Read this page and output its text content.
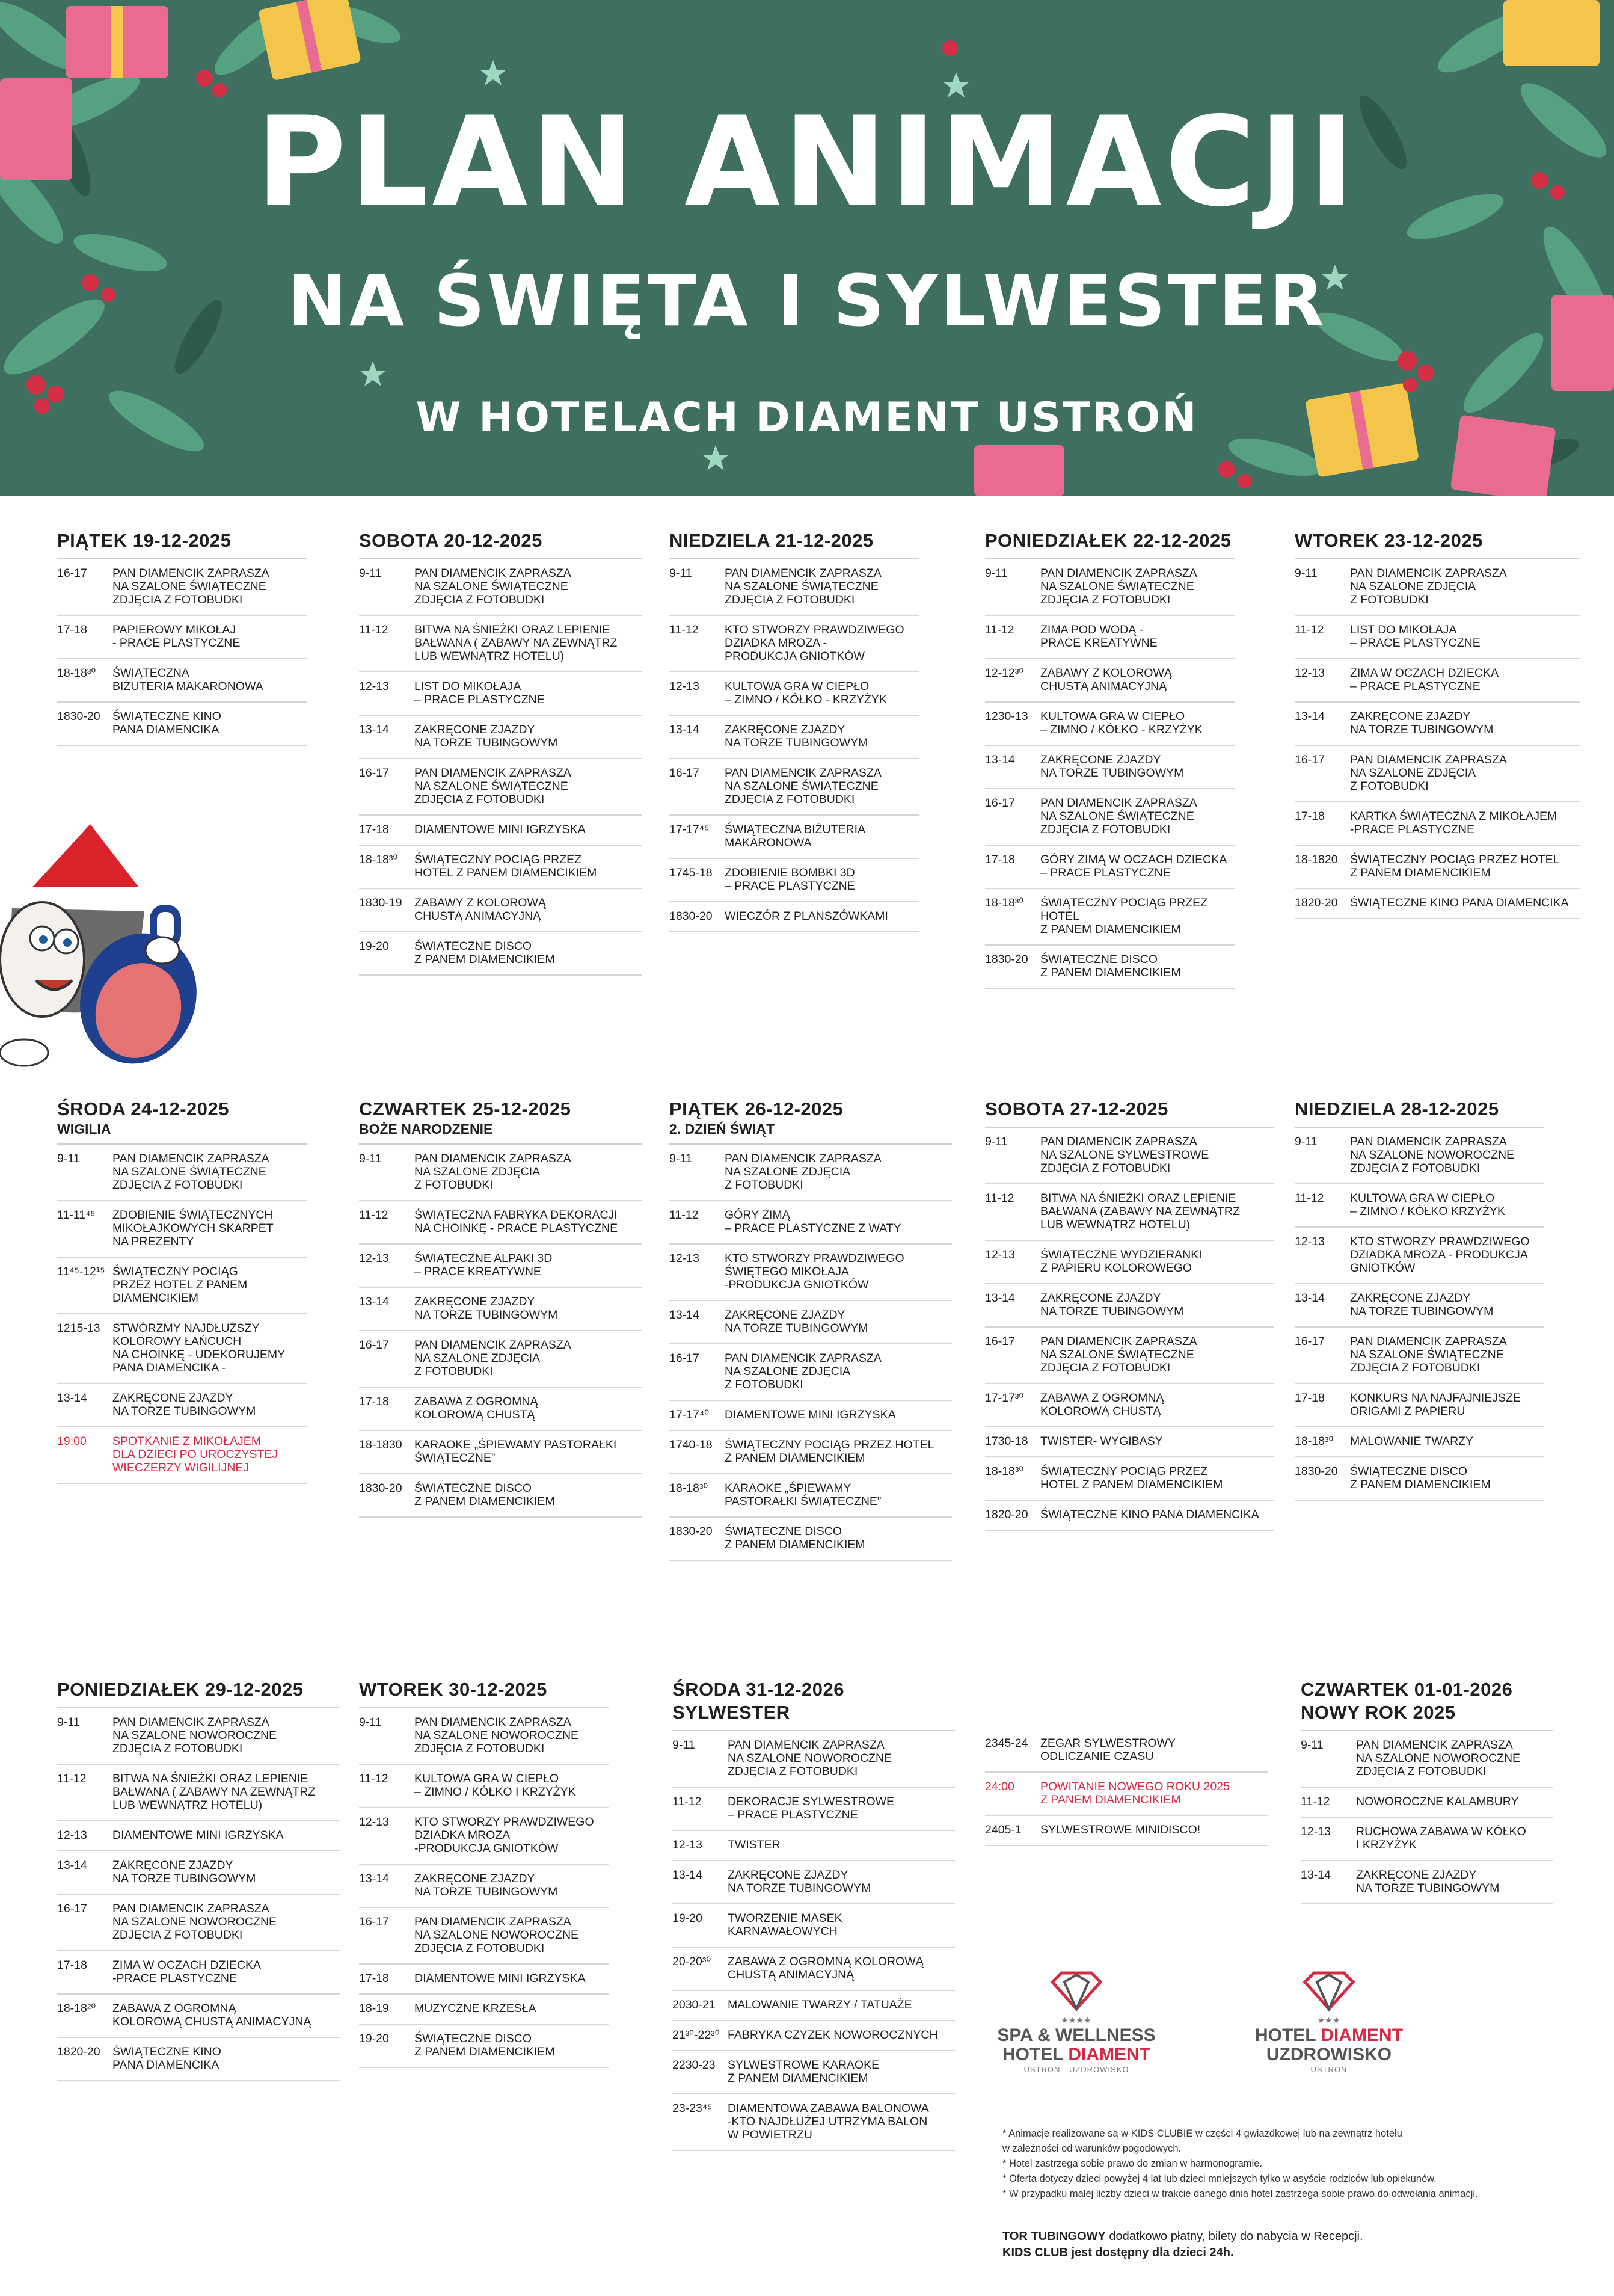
PLAN ANIMACJI
NA ŚWIĘTA I SYLWESTER
W HOTELACH DIAMENT USTROŃ
PIĄTEK 19-12-2025
16-17	PAN DIAMENCIK ZAPRASZA
NA SZALONE ŚWIĄTECZNE
ZDJĘCIA Z FOTOBUDKI
17-18	PAPIEROWY MIKOŁAJ
- PRACE PLASTYCZNE
18-18³⁰	ŚWIĄTECZNA
BIŻUTERIA MAKARONOWA
1830-20	ŚWIĄTECZNE KINO
PANA DIAMENCIKA
SOBOTA 20-12-2025
9-11	PAN DIAMENCIK ZAPRASZA
NA SZALONE ŚWIĄTECZNE
ZDJĘCIA Z FOTOBUDKI
11-12	BITWA NA ŚNIEŻKI ORAZ LEPIENIE
BAŁWANA ( ZABAWY NA ZEWNĄTRZ
LUB WEWNĄTRZ HOTELU)
12-13	LIST DO MIKOŁAJA
– PRACE PLASTYCZNE
13-14	ZAKRĘCONE ZJAZDY
NA TORZE TUBINGOWYM
16-17	PAN DIAMENCIK ZAPRASZA
NA SZALONE ŚWIĄTECZNE
ZDJĘCIA Z FOTOBUDKI
17-18	DIAMENTOWE MINI IGRZYSKA
18-18³⁰	ŚWIĄTECZNY POCIĄG PRZEZ
HOTEL Z PANEM DIAMENCIKIEM
1830-19	ZABAWY Z KOLOROWĄ
CHUSTĄ ANIMACYJNĄ
19-20	ŚWIĄTECZNE DISCO
Z PANEM DIAMENCIKIEM
NIEDZIELA 21-12-2025
9-11	PAN DIAMENCIK ZAPRASZA
NA SZALONE ŚWIĄTECZNE
ZDJĘCIA Z FOTOBUDKI
11-12	KTO STWORZY PRAWDZIWEGO
DZIADKA MROZA -
PRODUKCJA GNIOTKÓW
12-13	KULTOWA GRA W CIEPŁO
– ZIMNO / KÓŁKO - KRZYŻYK
13-14	ZAKRĘCONE ZJAZDY
NA TORZE TUBINGOWYM
16-17	PAN DIAMENCIK ZAPRASZA
NA SZALONE ŚWIĄTECZNE
ZDJĘCIA Z FOTOBUDKI
17-17⁴⁵	ŚWIĄTECZNA BIŻUTERIA
MAKARONOWA
1745-18	ZDOBIENIE BOMBKI 3D
– PRACE PLASTYCZNE
1830-20	WIECZÓR Z PLANSZÓWKAMI
PONIEDZIAŁEK 22-12-2025
9-11	PAN DIAMENCIK ZAPRASZA
NA SZALONE ŚWIĄTECZNE
ZDJĘCIA Z FOTOBUDKI
11-12	ZIMA POD WODĄ -
PRACE KREATYWNE
12-12³⁰	ZABAWY Z KOLOROWĄ
CHUSTĄ ANIMACYJNĄ
1230-13	KULTOWA GRA W CIEPŁO
– ZIMNO / KÓŁKO - KRZYŻYK
13-14	ZAKRĘCONE ZJAZDY
NA TORZE TUBINGOWYM
16-17	PAN DIAMENCIK ZAPRASZA
NA SZALONE ŚWIĄTECZNE
ZDJĘCIA Z FOTOBUDKI
17-18	GÓRY ZIMĄ W OCZACH DZIECKA
– PRACE PLASTYCZNE
18-18³⁰	ŚWIĄTECZNY POCIĄG PRZEZ HOTEL
Z PANEM DIAMENCIKIEM
1830-20	ŚWIĄTECZNE DISCO
Z PANEM DIAMENCIKIEM
WTOREK 23-12-2025
9-11	PAN DIAMENCIK ZAPRASZA
NA SZALONE ZDJĘCIA
Z FOTOBUDKI
11-12	LIST DO MIKOŁAJA
– PRACE PLASTYCZNE
12-13	ZIMA W OCZACH DZIECKA
– PRACE PLASTYCZNE
13-14	ZAKRĘCONE ZJAZDY
NA TORZE TUBINGOWYM
16-17	PAN DIAMENCIK ZAPRASZA
NA SZALONE ZDJĘCIA
Z FOTOBUDKI
17-18	KARTKA ŚWIĄTECZNA Z MIKOŁAJEM
-PRACE PLASTYCZNE
18-1820	ŚWIĄTECZNY POCIĄG PRZEZ HOTEL
Z PANEM DIAMENCIKIEM
1820-20	ŚWIĄTECZNE KINO PANA DIAMENCIKA
ŚRODA 24-12-2025
WIGILIA
9-11	PAN DIAMENCIK ZAPRASZA
NA SZALONE ŚWIĄTECZNE
ZDJĘCIA Z FOTOBUDKI
11-11⁴⁵	ZDOBIENIE ŚWIĄTECZNYCH
MIKOŁAJKOWYCH SKARPET
NA PREZENTY
11⁴⁵-12¹⁵ ŚWIĄTECZNY POCIĄG
PRZEZ HOTEL Z PANEM
DIAMENCIKIEM
1215-13	STWÓRZMY NAJDŁUŻSZY
KOLOROWY ŁAŃCUCH
NA CHOINKĘ - UDEKORUJEMY
PANA DIAMENCIKA -
13-14	ZAKRĘCONE ZJAZDY
NA TORZE TUBINGOWYM
19:00	SPOTKANIE Z MIKOŁAJEM
DLA DZIECI PO UROCZYSTEJ
WIECZERZY WIGILIJNEJ
CZWARTEK 25-12-2025
BOŻE NARODZENIE
9-11	PAN DIAMENCIK ZAPRASZA
NA SZALONE ZDJĘCIA
Z FOTOBUDKI
11-12	ŚWIĄTECZNA FABRYKA DEKORACJI
NA CHOINKĘ - PRACE PLASTYCZNE
12-13	ŚWIĄTECZNE ALPAKI 3D
– PRACE KREATYWNE
13-14	ZAKRĘCONE ZJAZDY
NA TORZE TUBINGOWYM
16-17	PAN DIAMENCIK ZAPRASZA
NA SZALONE ZDJĘCIA
Z FOTOBUDKI
17-18	ZABAWA Z OGROMNĄ
KOLOROWĄ CHUSTĄ
18-1830	KARAOKE „ŚPIEWAMY PASTORAŁKI
ŚWIĄTECZNE”
1830-20	ŚWIĄTECZNE DISCO
Z PANEM DIAMENCIKIEM
PIĄTEK 26-12-2025
2. DZIEŃ ŚWIĄT
9-11	PAN DIAMENCIK ZAPRASZA
NA SZALONE ZDJĘCIA
Z FOTOBUDKI
11-12	GÓRY ZIMĄ
– PRACE PLASTYCZNE Z WATY
12-13	KTO STWORZY PRAWDZIWEGO
ŚWIĘTEGO MIKOŁAJA
-PRODUKCJA GNIOTKÓW
13-14	ZAKRĘCONE ZJAZDY
NA TORZE TUBINGOWYM
16-17	PAN DIAMENCIK ZAPRASZA
NA SZALONE ZDJĘCIA
Z FOTOBUDKI
17-17⁴⁰	DIAMENTOWE MINI IGRZYSKA
1740-18	ŚWIĄTECZNY POCIĄG PRZEZ HOTEL
Z PANEM DIAMENCIKIEM
18-18³⁰	KARAOKE „ŚPIEWAMY
PASTORAŁKI ŚWIĄTECZNE”
1830-20	ŚWIĄTECZNE DISCO
Z PANEM DIAMENCIKIEM
SOBOTA 27-12-2025
9-11	PAN DIAMENCIK ZAPRASZA
NA SZALONE SYLWESTROWE
ZDJĘCIA Z FOTOBUDKI
11-12	BITWA NA ŚNIEŻKI ORAZ LEPIENIE
BAŁWANA (ZABAWY NA ZEWNĄTRZ
LUB WEWNĄTRZ HOTELU)
12-13	ŚWIĄTECZNE WYDZIERANKI
Z PAPIERU KOLOROWEGO
13-14	ZAKRĘCONE ZJAZDY
NA TORZE TUBINGOWYM
16-17	PAN DIAMENCIK ZAPRASZA
NA SZALONE ŚWIĄTECZNE
ZDJĘCIA Z FOTOBUDKI
17-17³⁰	ZABAWA Z OGROMNĄ
KOLOROWĄ CHUSTĄ
1730-18	TWISTER- WYGIBASY
18-18³⁰	ŚWIĄTECZNY POCIĄG PRZEZ
HOTEL Z PANEM DIAMENCIKIEM
1820-20	ŚWIĄTECZNE KINO PANA DIAMENCIKA
NIEDZIELA 28-12-2025
9-11	PAN DIAMENCIK ZAPRASZA
NA SZALONE NOWOROCZNE
ZDJĘCIA Z FOTOBUDKI
11-12	KULTOWA GRA W CIEPŁO
– ZIMNO / KÓŁKO KRZYŻYK
12-13	KTO STWORZY PRAWDZIWEGO
DZIADKA MROZA - PRODUKCJA
GNIOTKÓW
13-14	ZAKRĘCONE ZJAZDY
NA TORZE TUBINGOWYM
16-17	PAN DIAMENCIK ZAPRASZA
NA SZALONE ŚWIĄTECZNE
ZDJĘCIA Z FOTOBUDKI
17-18	KONKURS NA NAJFAJNIEJSZE
ORIGAMI Z PAPIERU
18-18³⁰	MALOWANIE TWARZY
1830-20	ŚWIĄTECZNE DISCO
Z PANEM DIAMENCIKIEM
PONIEDZIAŁEK 29-12-2025
9-11	PAN DIAMENCIK ZAPRASZA
NA SZALONE NOWOROCZNE
ZDJĘCIA Z FOTOBUDKI
11-12	BITWA NA ŚNIEŻKI ORAZ LEPIENIE
BAŁWANA ( ZABAWY NA ZEWNĄTRZ
LUB WEWNĄTRZ HOTELU)
12-13	DIAMENTOWE MINI IGRZYSKA
13-14	ZAKRĘCONE ZJAZDY
NA TORZE TUBINGOWYM
16-17	PAN DIAMENCIK ZAPRASZA
NA SZALONE NOWOROCZNE
ZDJĘCIA Z FOTOBUDKI
17-18	ZIMA W OCZACH DZIECKA
-PRACE PLASTYCZNE
18-18²⁰	ZABAWA Z OGROMNĄ
KOLOROWĄ CHUSTĄ ANIMACYJNĄ
1820-20	ŚWIĄTECZNE KINO
PANA DIAMENCIKA
WTOREK 30-12-2025
9-11	PAN DIAMENCIK ZAPRASZA
NA SZALONE NOWOROCZNE
ZDJĘCIA Z FOTOBUDKI
11-12	KULTOWA GRA W CIEPŁO
– ZIMNO / KÓŁKO I KRZYŻYK
12-13	KTO STWORZY PRAWDZIWEGO
DZIADKA MROZA
-PRODUKCJA GNIOTKÓW
13-14	ZAKRĘCONE ZJAZDY
NA TORZE TUBINGOWYM
16-17	PAN DIAMENCIK ZAPRASZA
NA SZALONE NOWOROCZNE
ZDJĘCIA Z FOTOBUDKI
17-18	DIAMENTOWE MINI IGRZYSKA
18-19	MUZYCZNE KRZESŁA
19-20	ŚWIĄTECZNE DISCO
Z PANEM DIAMENCIKIEM
ŚRODA 31-12-2026
SYLWESTER
9-11	PAN DIAMENCIK ZAPRASZA
NA SZALONE NOWOROCZNE
ZDJĘCIA Z FOTOBUDKI
11-12	DEKORACJE SYLWESTROWE
– PRACE PLASTYCZNE
12-13	TWISTER
13-14	ZAKRĘCONE ZJAZDY
NA TORZE TUBINGOWYM
19-20	TWORZENIE MASEK
KARNAWAŁOWYCH
20-20³⁰	ZABAWA Z OGROMNĄ KOLOROWĄ
CHUSTĄ ANIMACYJNĄ
2030-21	MALOWANIE TWARZY / TATUAŻE
21³⁰-22³⁰ FABRYKA CZYZEK NOWOROCZNYCH
2230-23	SYLWESTROWE KARAOKE
Z PANEM DIAMENCIKIEM
23-23⁴⁵	DIAMENTOWA ZABAWA BALONOWA
-KTO NAJDŁUŻEJ UTRZYMA BALON
W POWIETRZU
2345-24	ZEGAR SYLWESTROWY
ODLICZANIE CZASU
24:00	POWITANIE NOWEGO ROKU 2025
Z PANEM DIAMENCIKIEM
2405-1	SYLWESTROWE MINIDISCO!
CZWARTEK 01-01-2026
NOWY ROK 2025
9-11	PAN DIAMENCIK ZAPRASZA
NA SZALONE NOWOROCZNE
ZDJĘCIA Z FOTOBUDKI
11-12	NOWOROCZNE KALAMBURY
12-13	RUCHOWA ZABAWA W KÓŁKO
I KRZYŻYK
13-14	ZAKRĘCONE ZJAZDY
NA TORZE TUBINGOWYM
★★★★
SPA & WELLNESS
HOTEL DIAMENT
USTROŃ - UZDROWISKO
★★★
HOTEL DIAMENT
UZDROWISKO
USTROŃ
* Animacje realizowane są w KIDS CLUBIE w części 4 gwiazdkowej lub na zewnątrz hotelu
w zależności od warunków pogodowych.
* Hotel zastrzega sobie prawo do zmian w harmonogramie.
* Oferta dotyczy dzieci powyżej 4 lat lub dzieci mniejszych tylko w asyście rodziców lub opiekunów.
* W przypadku małej liczby dzieci w trakcie danego dnia hotel zastrzega sobie prawo do odwołania animacji.
TOR TUBINGOWY dodatkowo płatny, bilety do nabycia w Recepcji.
KIDS CLUB jest dostępny dla dzieci 24h.
